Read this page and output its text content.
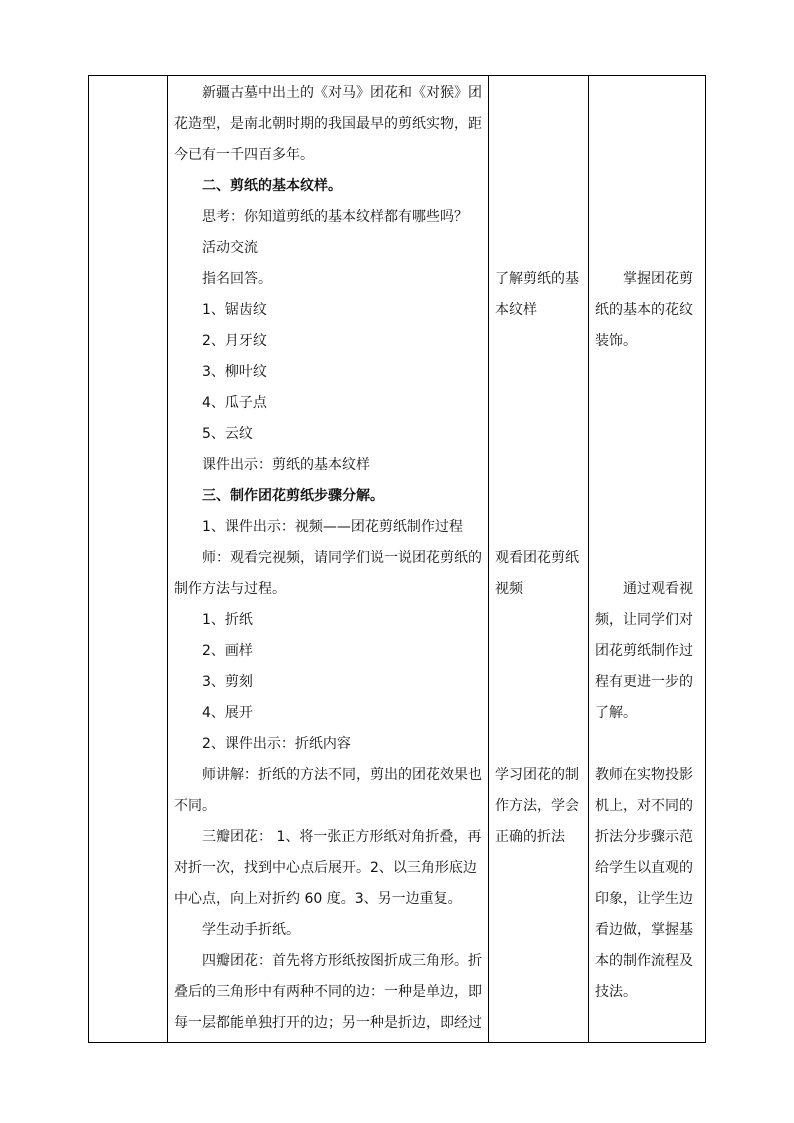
新疆古墓中出土的《对马》团花和《对猴》团
花造型，是南北朝时期的我国最早的剪纸实物，距
今已有一千四百多年。
二、剪纸的基本纹样。
思考：你知道剪纸的基本纹样都有哪些吗？
活动交流
指名回答。
1、锯齿纹
2、月牙纹
3、柳叶纹
4、瓜子点
5、云纹
课件出示：剪纸的基本纹样
三、制作团花剪纸步骤分解。
1、课件出示：视频——团花剪纸制作过程
师：观看完视频，请同学们说一说团花剪纸的
制作方法与过程。
1、折纸
2、画样
3、剪刻
4、展开
2、课件出示：折纸内容
师讲解：折纸的方法不同，剪出的团花效果也
不同。
三瓣团花： 1、将一张正方形纸对角折叠，再
对折一次，找到中心点后展开。2、以三角形底边
中心点，向上对折约 60 度。3、另一边重复。
学生动手折纸。
四瓣团花：首先将方形纸按图折成三角形。折
叠后的三角形中有两种不同的边：一种是单边，即
每一层都能单独打开的边；另一种是折边，即经过
了解剪纸的基
本纹样
观看团花剪纸
视频
学习团花的制
作方法，学会
正确的折法
掌握团花剪
纸的基本的花纹
装饰。
通过观看视
频，让同学们对
团花剪纸制作过
程有更进一步的
了解。
教师在实物投影
机上，对不同的
折法分步骤示范
给学生以直观的
印象，让学生边
看边做，掌握基
本的制作流程及
技法。
